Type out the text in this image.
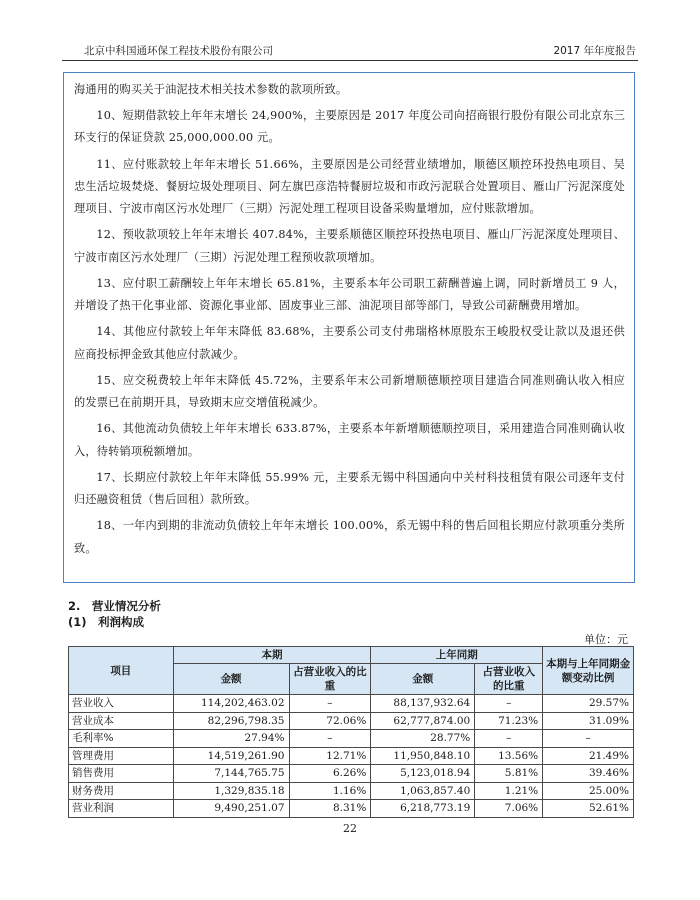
北京中科国通环保工程技术股份有限公司	2017 年年度报告

海通用的购买关于油泥技术相关技术参数的款项所致。

10、短期借款较上年年末增长 24,900%，主要原因是 2017 年度公司向招商银行股份有限公司北京东三环支行的保证贷款 25,000,000.00 元。

11、应付账款较上年年末增长 51.66%，主要原因是公司经营业绩增加，顺德区顺控环投热电项目、吴忠生活垃圾焚烧、餐厨垃圾处理项目、阿左旗巴彦浩特餐厨垃圾和市政污泥联合处置项目、雁山厂污泥深度处理项目、宁波市南区污水处理厂（三期）污泥处理工程项目设备采购量增加，应付账款增加。

12、预收款项较上年年末增长 407.84%，主要系顺德区顺控环投热电项目、雁山厂污泥深度处理项目、宁波市南区污水处理厂（三期）污泥处理工程预收款项增加。

13、应付职工薪酬较上年年末增长 65.81%，主要系本年公司职工薪酬普遍上调，同时新增员工 9 人，并增设了热干化事业部、资源化事业部、固废事业三部、油泥项目部等部门，导致公司薪酬费用增加。

14、其他应付款较上年年末降低 83.68%，主要系公司支付弗瑞格林原股东王峻股权受让款以及退还供应商投标押金致其他应付款减少。

15、应交税费较上年年末降低 45.72%，主要系年末公司新增顺德顺控项目建造合同准则确认收入相应的发票已在前期开具，导致期末应交增值税减少。

16、其他流动负债较上年年末增长 633.87%，主要系本年新增顺德顺控项目，采用建造合同准则确认收入，待转销项税额增加。

17、长期应付款较上年年末降低 55.99% 元，主要系无锡中科国通向中关村科技租赁有限公司逐年支付归还融资租赁（售后回租）款所致。

18、一年内到期的非流动负债较上年年末增长 100.00%，系无锡中科的售后回租长期应付款项重分类所致。

2.　营业情况分析
(1)　利润构成
单位：元
项目	本期		上年同期		本期与上年同期金额变动比例
	金额	占营业收入的比重	金额	占营业收入的比重	
营业收入	114,202,463.02	–	88,137,932.64	–	29.57%
营业成本	82,296,798.35	72.06%	62,777,874.00	71.23%	31.09%
毛利率%	27.94%	–	28.77%	–	–
管理费用	14,519,261.90	12.71%	11,950,848.10	13.56%	21.49%
销售费用	7,144,765.75	6.26%	5,123,018.94	5.81%	39.46%
财务费用	1,329,835.18	1.16%	1,063,857.40	1.21%	25.00%
营业利润	9,490,251.07	8.31%	6,218,773.19	7.06%	52.61%
22
